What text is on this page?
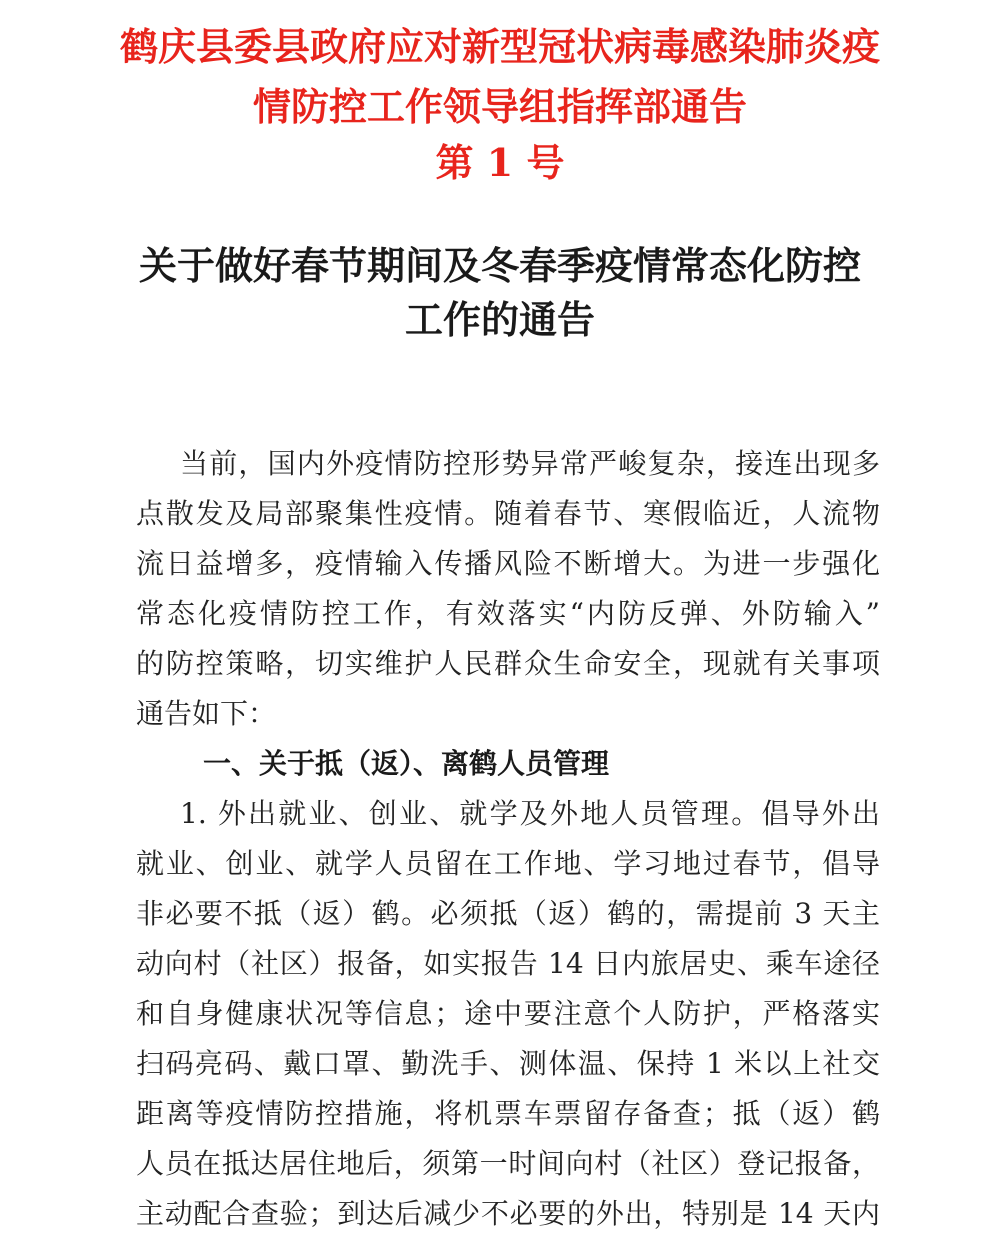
鹤庆县委县政府应对新型冠状病毒感染肺炎疫
情防控工作领导组指挥部通告
第 1 号
关于做好春节期间及冬春季疫情常态化防控
工作的通告
当前，国内外疫情防控形势异常严峻复杂，接连出现多
点散发及局部聚集性疫情。随着春节、寒假临近，人流物
流日益增多，疫情输入传播风险不断增大。为进一步强化
常态化疫情防控工作，有效落实“内防反弹、外防输入”
的防控策略，切实维护人民群众生命安全，现就有关事项
通告如下：
一、关于抵（返）、离鹤人员管理
1. 外出就业、创业、就学及外地人员管理。倡导外出
就业、创业、就学人员留在工作地、学习地过春节，倡导
非必要不抵（返）鹤。必须抵（返）鹤的，需提前 3 天主
动向村（社区）报备，如实报告 14 日内旅居史、乘车途径
和自身健康状况等信息；途中要注意个人防护，严格落实
扫码亮码、戴口罩、勤洗手、测体温、保持 1 米以上社交
距离等疫情防控措施，将机票车票留存备查；抵（返）鹤
人员在抵达居住地后，须第一时间向村（社区）登记报备，
主动配合查验；到达后减少不必要的外出，特别是 14 天内
